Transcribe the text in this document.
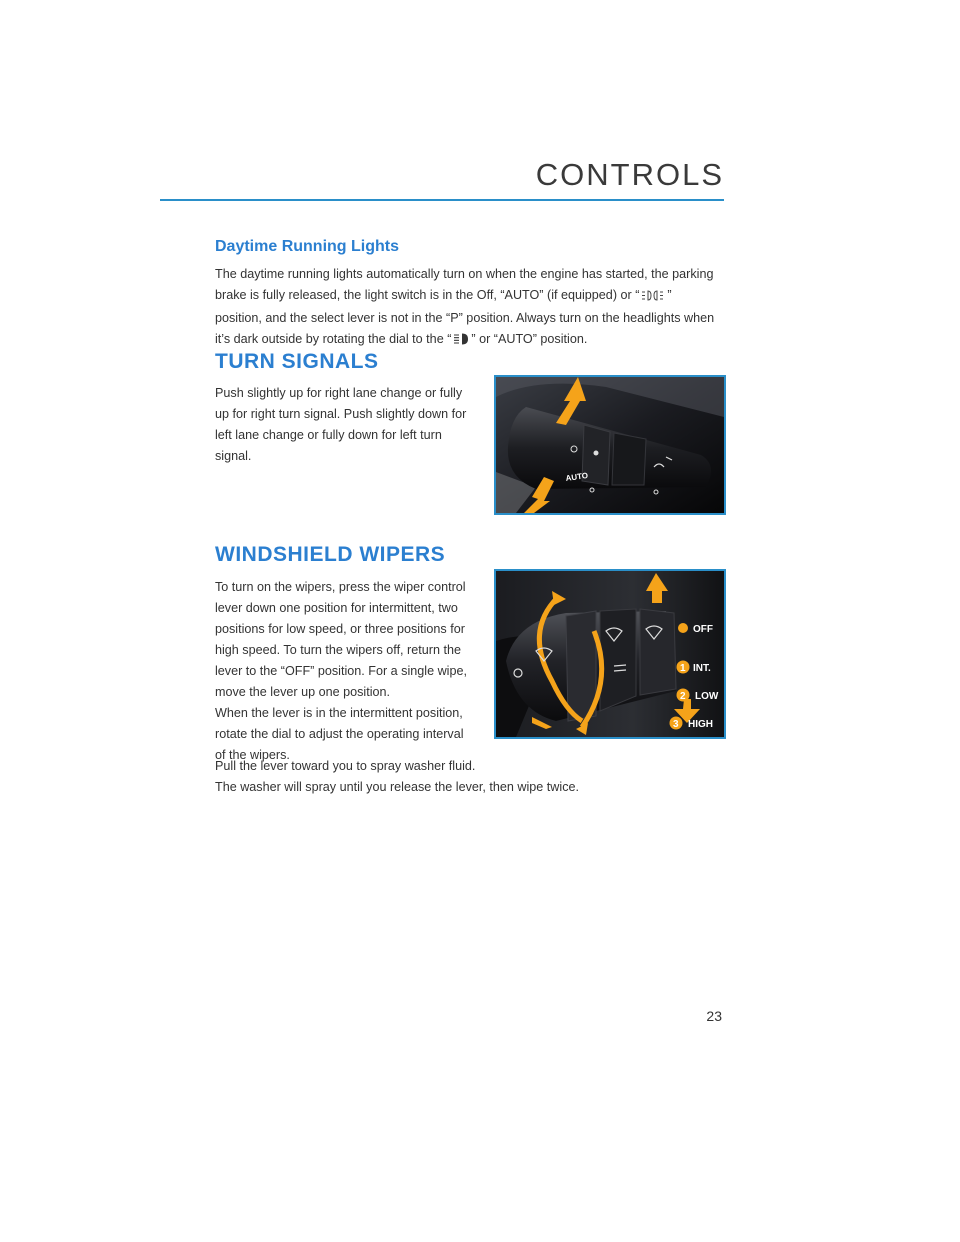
CONTROLS
Daytime Running Lights
The daytime running lights automatically turn on when the engine has started, the parking
brake is fully released, the light switch is in the Off, “AUTO” (if equipped) or “ ”
position, and the select lever is not in the “P” position. Always turn on the headlights when
it’s dark outside by rotating the dial to the “ ” or “AUTO” position.
TURN SIGNALS
Push slightly up for right lane change or fully
up for right turn signal. Push slightly down for
left lane change or fully down for left turn
signal.
AUTO
WINDSHIELD WIPERS
To turn on the wipers, press the wiper control
lever down one position for intermittent, two
positions for low speed, or three positions for
high speed. To turn the wipers off, return the
lever to the “OFF” position. For a single wipe,
move the lever up one position.
When the lever is in the intermittent position,
rotate the dial to adjust the operating interval
of the wipers.
Pull the lever toward you to spray washer fluid.
The washer will spray until you release the lever, then wipe twice.
OFF
1 INT.
2 LOW
3 HIGH
23
